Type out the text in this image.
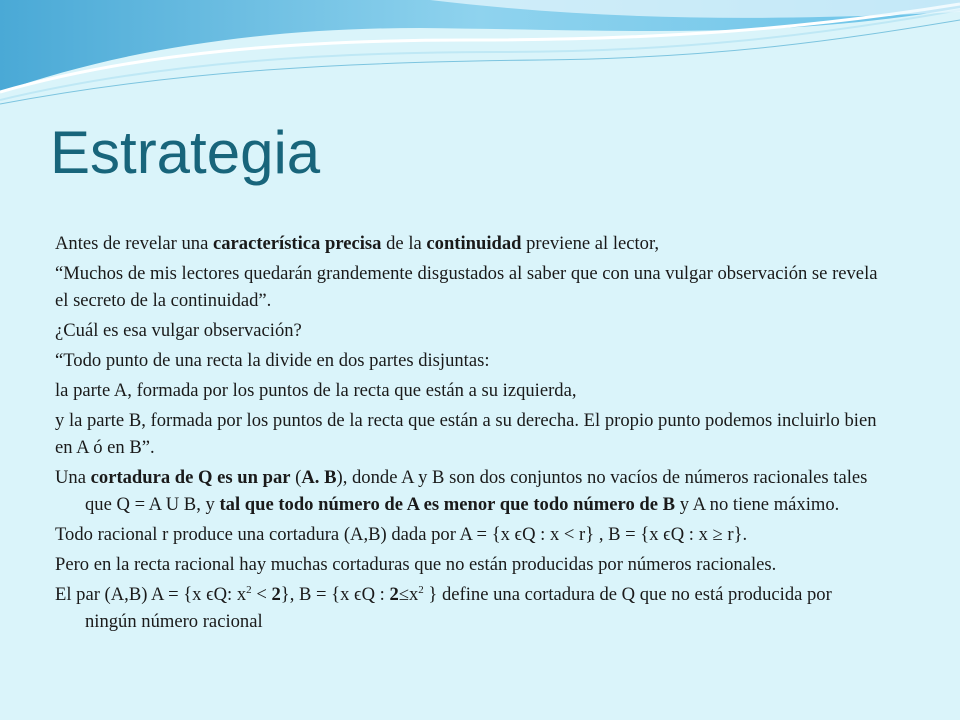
Estrategia

Antes de revelar una característica precisa de la continuidad previene al lector,

“Muchos de mis lectores quedarán grandemente disgustados al saber que con una vulgar observación se revela el secreto de la continuidad”.

¿Cuál es esa vulgar observación?

“Todo punto de una recta la divide en dos partes disjuntas:

la parte A, formada por los puntos de la recta que están a su izquierda,

y la parte B, formada por los puntos de la recta que están a su derecha. El propio punto podemos incluirlo bien en A ó en B”.

Una cortadura de Q es un par (A. B), donde A y B son dos conjuntos no vacíos de números racionales tales que Q = A U B, y tal que todo número de A es menor que todo número de B y A no tiene máximo.

Todo racional r produce una cortadura (A,B) dada por A = {x ϵQ : x < r} , B = {x ϵQ : x ≥ r}.

Pero en la recta racional hay muchas cortaduras que no están producidas por números racionales.

El par (A,B) A = {x ϵQ: $x^2 < 2$}, B = {x ϵQ : $2\le x^2$ } define una cortadura de Q que no está producida por ningún número racional
